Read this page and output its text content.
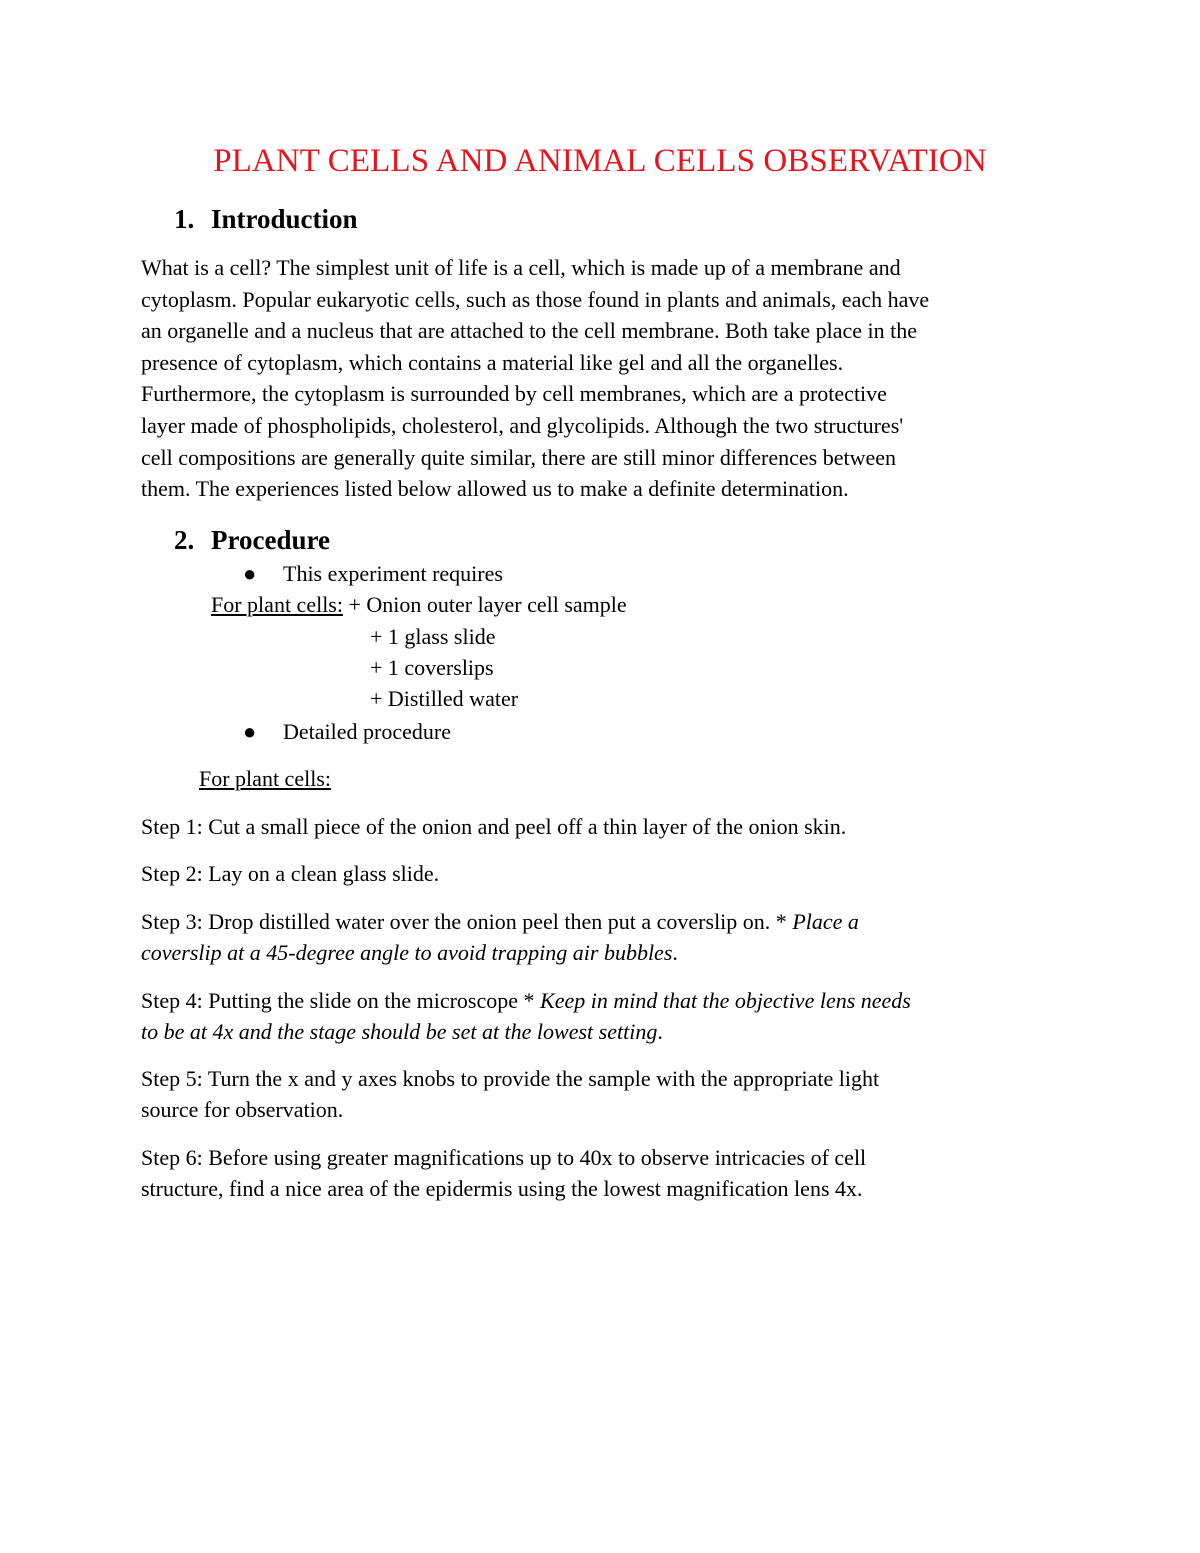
PLANT CELLS AND ANIMAL CELLS OBSERVATION
1. Introduction

What is a cell? The simplest unit of life is a cell, which is made up of a membrane and
cytoplasm. Popular eukaryotic cells, such as those found in plants and animals, each have
an organelle and a nucleus that are attached to the cell membrane. Both take place in the
presence of cytoplasm, which contains a material like gel and all the organelles.
Furthermore, the cytoplasm is surrounded by cell membranes, which are a protective
layer made of phospholipids, cholesterol, and glycolipids. Although the two structures'
cell compositions are generally quite similar, there are still minor differences between
them. The experiences listed below allowed us to make a definite determination.

2. Procedure
● This experiment requires
For plant cells: + Onion outer layer cell sample
+ 1 glass slide
+ 1 coverslips
+ Distilled water
● Detailed procedure
For plant cells:
Step 1: Cut a small piece of the onion and peel off a thin layer of the onion skin.
Step 2: Lay on a clean glass slide.
Step 3: Drop distilled water over the onion peel then put a coverslip on. * Place a
coverslip at a 45-degree angle to avoid trapping air bubbles.
Step 4: Putting the slide on the microscope * Keep in mind that the objective lens needs
to be at 4x and the stage should be set at the lowest setting.
Step 5: Turn the x and y axes knobs to provide the sample with the appropriate light
source for observation.
Step 6: Before using greater magnifications up to 40x to observe intricacies of cell
structure, find a nice area of the epidermis using the lowest magnification lens 4x.
